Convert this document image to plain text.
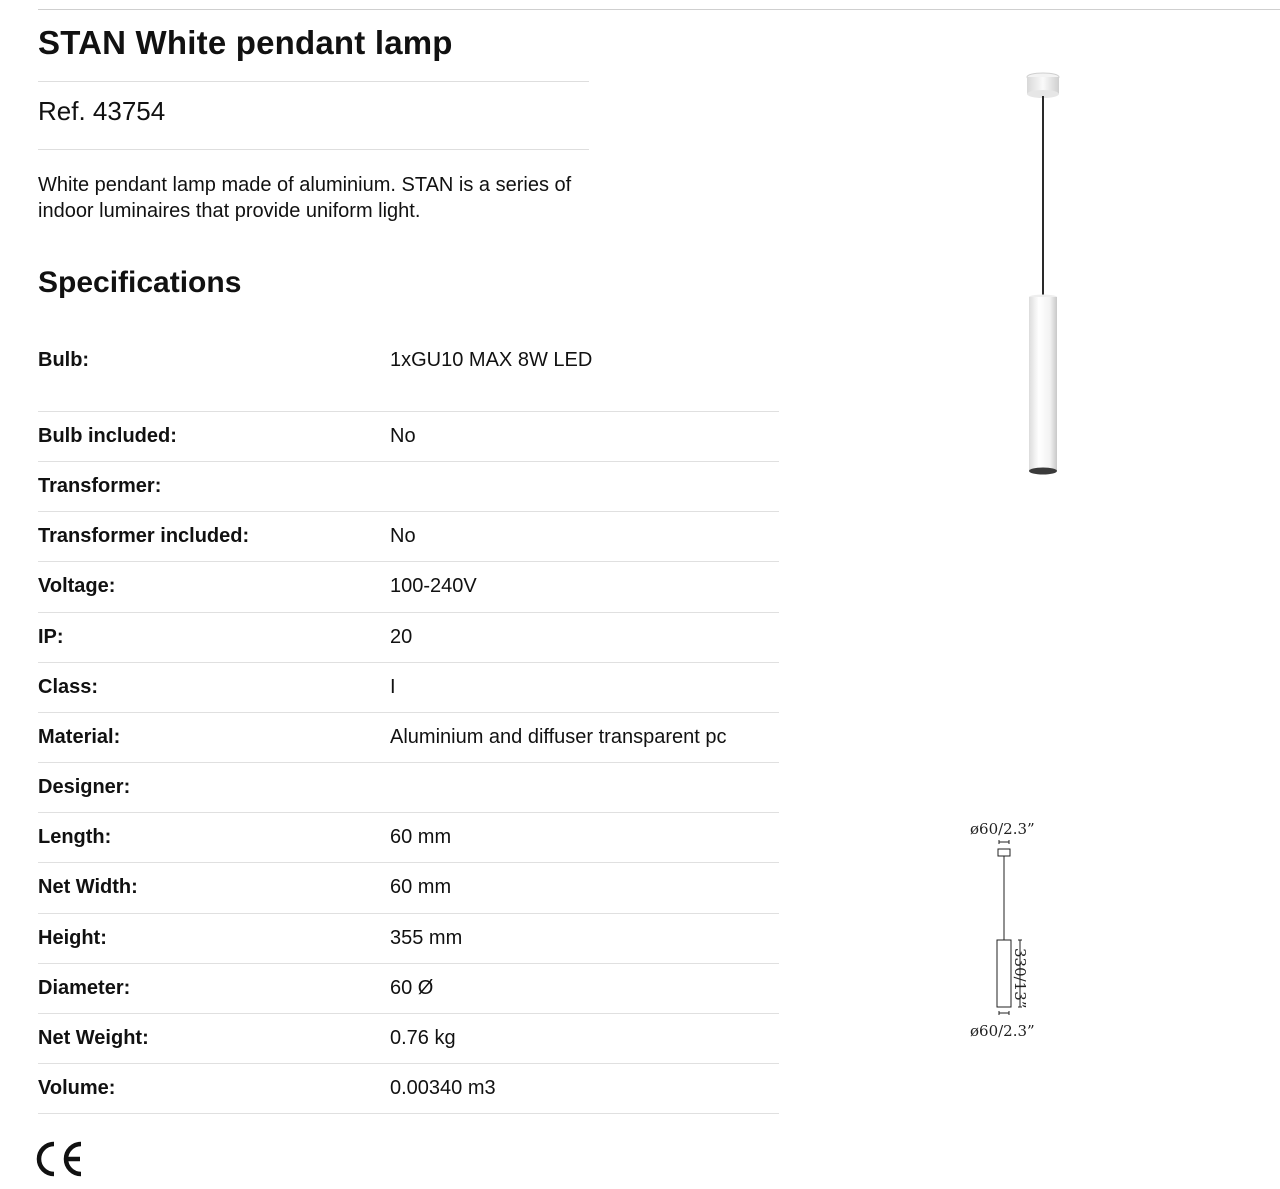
STAN White pendant lamp
Ref. 43754
White pendant lamp made of aluminium. STAN is a series of indoor luminaires that provide uniform light.
Specifications
Bulb:	1xGU10 MAX 8W LED
Bulb included:	No
Transformer:
Transformer included:	No
Voltage:	100-240V
IP:	20
Class:	I
Material:	Aluminium and diffuser transparent pc
Designer:
Length:	60 mm
Net Width:	60 mm
Height:	355 mm
Diameter:	60 Ø
Net Weight:	0.76 kg
Volume:	0.00340 m3
ø60/2.3”
ø60/2.3”
330/13”
